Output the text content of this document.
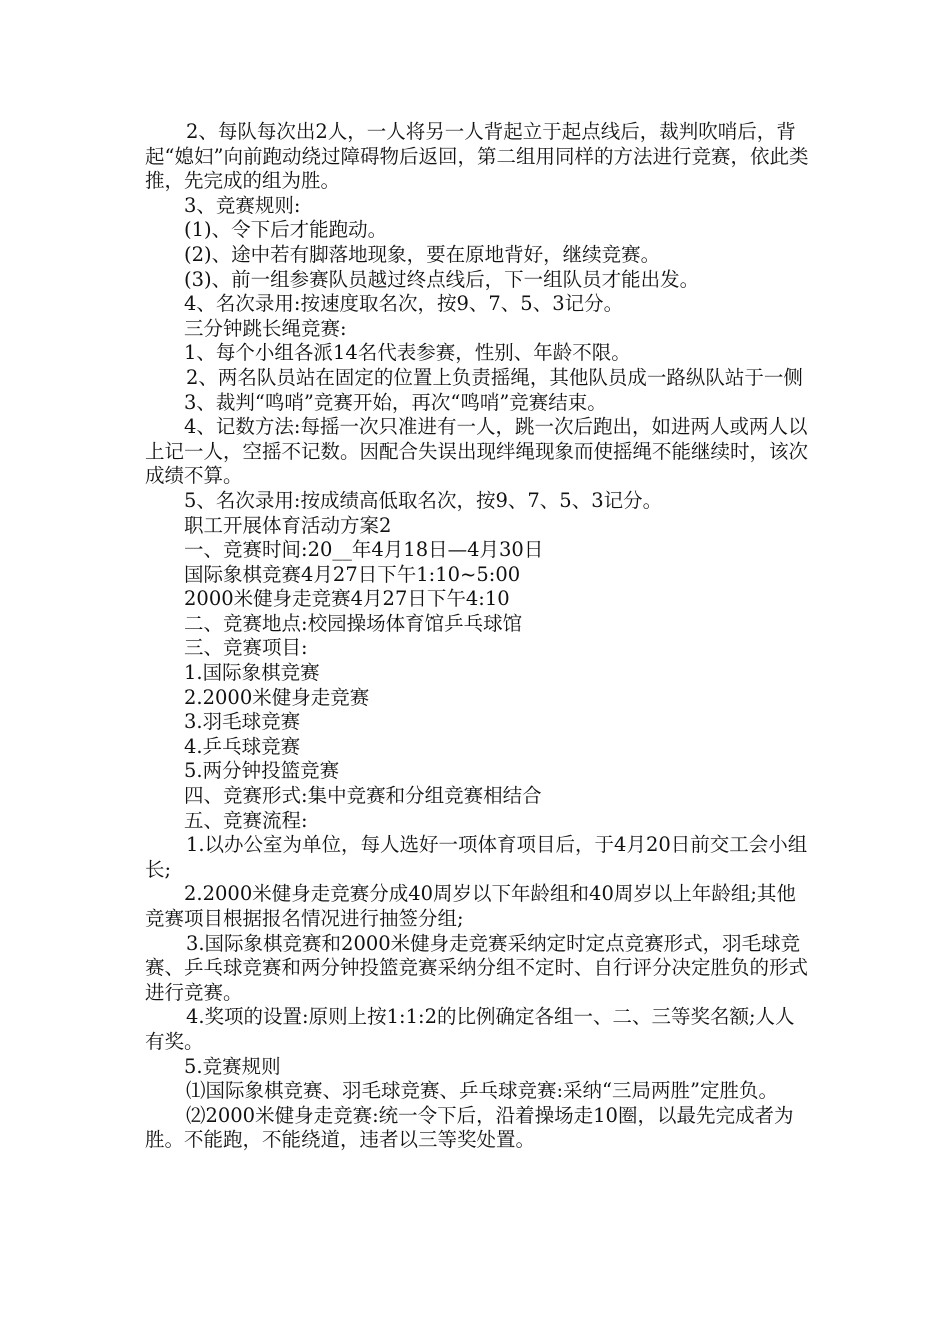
2、每队每次出2人，一人将另一人背起立于起点线后，裁判吹哨后，背起“媳妇”向前跑动绕过障碍物后返回，第二组用同样的方法进行竞赛，依此类推，先完成的组为胜。

3、竞赛规则:

(1)、令下后才能跑动。

(2)、途中若有脚落地现象，要在原地背好，继续竞赛。

(3)、前一组参赛队员越过终点线后，下一组队员才能出发。

4、名次录用:按速度取名次，按9、7、5、3记分。

三分钟跳长绳竞赛:

1、每个小组各派14名代表参赛，性别、年龄不限。

2、两名队员站在固定的位置上负责摇绳，其他队员成一路纵队站于一侧

3、裁判“鸣哨”竞赛开始，再次“鸣哨”竞赛结束。

4、记数方法:每摇一次只准进有一人，跳一次后跑出，如进两人或两人以上记一人，空摇不记数。因配合失误出现绊绳现象而使摇绳不能继续时，该次成绩不算。

5、名次录用:按成绩高低取名次，按9、7、5、3记分。

职工开展体育活动方案2

一、竞赛时间:20__年4月18日—4月30日

国际象棋竞赛4月27日下午1:10~5:00

2000米健身走竞赛4月27日下午4:10

二、竞赛地点:校园操场体育馆乒乓球馆

三、竞赛项目:

1.国际象棋竞赛

2.2000米健身走竞赛

3.羽毛球竞赛

4.乒乓球竞赛

5.两分钟投篮竞赛

四、竞赛形式:集中竞赛和分组竞赛相结合

五、竞赛流程:

1.以办公室为单位，每人选好一项体育项目后，于4月20日前交工会小组长;

2.2000米健身走竞赛分成40周岁以下年龄组和40周岁以上年龄组;其他竞赛项目根据报名情况进行抽签分组;

3.国际象棋竞赛和2000米健身走竞赛采纳定时定点竞赛形式，羽毛球竞赛、乒乓球竞赛和两分钟投篮竞赛采纳分组不定时、自行评分决定胜负的形式进行竞赛。

4.奖项的设置:原则上按1:1:2的比例确定各组一、二、三等奖名额;人人有奖。

5.竞赛规则

⑴国际象棋竞赛、羽毛球竞赛、乒乓球竞赛:采纳“三局两胜”定胜负。

⑵2000米健身走竞赛:统一令下后，沿着操场走10圈，以最先完成者为胜。不能跑，不能绕道，违者以三等奖处置。
